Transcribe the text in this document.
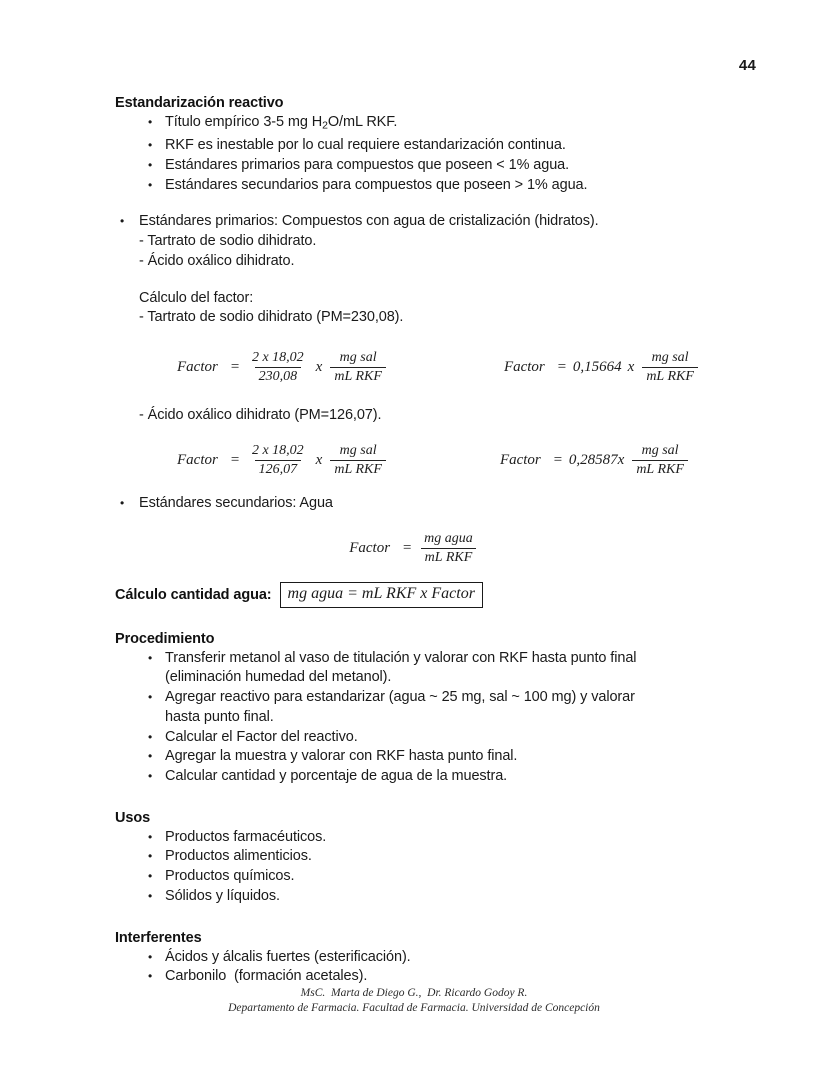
44
Estandarización reactivo
• Título empírico 3-5 mg $H_2O/mL$ RKF.
• RKF es inestable por lo cual requiere estandarización continua.
• Estándares primarios para compuestos que poseen < 1% agua.
• Estándares secundarios para compuestos que poseen > 1% agua.
• Estándares primarios: Compuestos con agua de cristalización (hidratos).
- Tartrato de sodio dihidrato.
- Ácido oxálico dihidrato.
Cálculo del factor:
- Tartrato de sodio dihidrato (PM=230,08).
Factor = $\frac{2 x 18,02}{230,08}$ x $\frac{\text{mg sal}}{\text{mL RKF}}$	Factor = 0,15664 x $\frac{\text{mg sal}}{\text{mL RKF}}$
- Ácido oxálico dihidrato (PM=126,07).
Factor = $\frac{2 x 18,02}{126,07}$ x $\frac{\text{mg sal}}{\text{mL RKF}}$	Factor = $0,28587x \frac{\text{mg sal}}{\text{mL RKF}}$
• Estándares secundarios: Agua
Factor = $\frac{\text{mg agua}}{\text{mL RKF}}$
Cálculo cantidad agua:	mg agua = mL RKF x Factor
Procedimiento
• Transferir metanol al vaso de titulación y valorar con RKF hasta punto final
(eliminación humedad del metanol).
• Agregar reactivo para estandarizar (agua ~ 25 mg, sal ~ 100 mg) y valorar
hasta punto final.
• Calcular el Factor del reactivo.
• Agregar la muestra y valorar con RKF hasta punto final.
• Calcular cantidad y porcentaje de agua de la muestra.
Usos
• Productos farmacéuticos.
• Productos alimenticios.
• Productos químicos.
• Sólidos y líquidos.
Interferentes
• Ácidos y álcalis fuertes (esterificación).
• Carbonilo  (formación acetales).
MsC.  Marta de Diego G.,  Dr. Ricardo Godoy R.
Departamento de Farmacia. Facultad de Farmacia. Universidad de Concepción
